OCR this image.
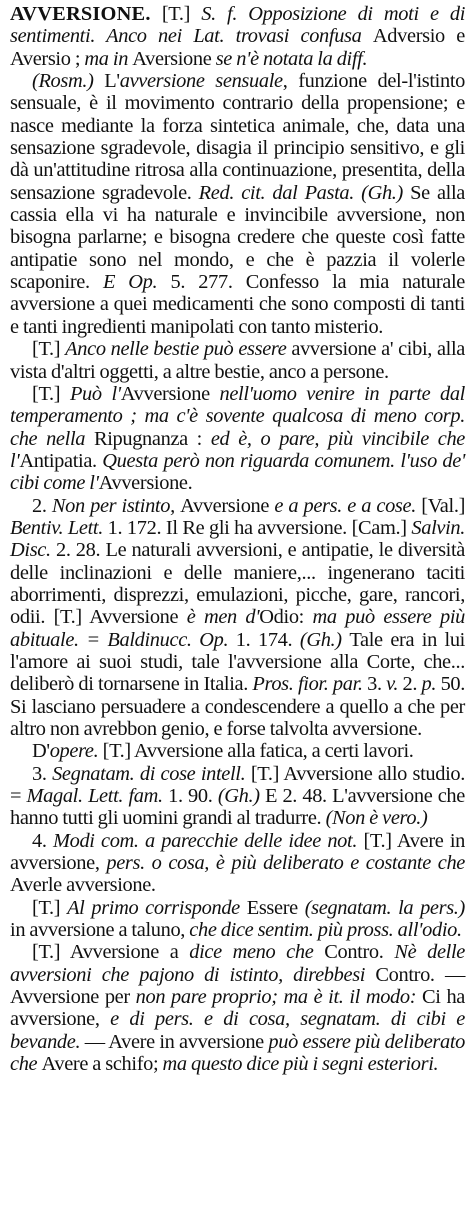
AVVERSIONE. [T.] S. f. Opposizione di moti e di sentimenti. Anco nei Lat. trovasi confusa Adversio e Aversio ; ma in Aversione se n'è notata la diff.

(Rosm.) L'avversione sensuale, funzione del-l'istinto sensuale, è il movimento contrario della propensione; e nasce mediante la forza sintetica animale, che, data una sensazione sgradevole, disagia il principio sensitivo, e gli dà un'attitudine ritrosa alla continuazione, presentita, della sensazione sgradevole. Red. cit. dal Pasta. (Gh.) Se alla cassia ella vi ha naturale e invincibile avversione, non bisogna parlarne; e bisogna credere che queste così fatte antipatie sono nel mondo, e che è pazzia il volerle scaponire. E Op. 5. 277. Confesso la mia naturale avversione a quei medicamenti che sono composti di tanti e tanti ingredienti manipolati con tanto misterio.

[T.] Anco nelle bestie può essere avversione a' cibi, alla vista d'altri oggetti, a altre bestie, anco a persone.

[T.] Può l'Avversione nell'uomo venire in parte dal temperamento ; ma c'è sovente qualcosa di meno corp. che nella Ripugnanza : ed è, o pare, più vincibile che l'Antipatia. Questa però non riguarda comunem. l'uso de' cibi come l'Avversione.

2. Non per istinto, Avversione e a pers. e a cose. [Val.] Bentiv. Lett. 1. 172. Il Re gli ha avversione. [Cam.] Salvin. Disc. 2. 28. Le naturali avversioni, e antipatie, le diversità delle inclinazioni e delle maniere,... ingenerano taciti aborrimenti, disprezzi, emulazioni, picche, gare, rancori, odii. [T.] Avversione è men d'Odio: ma può essere più abituale. = Baldinucc. Op. 1. 174. (Gh.) Tale era in lui l'amore ai suoi studi, tale l'avversione alla Corte, che... deliberò di tornarsene in Italia. Pros. fior. par. 3. v. 2. p. 50. Si lasciano persuadere a condescendere a quello a che per altro non avrebbon genio, e forse talvolta avversione.

D'opere. [T.] Avversione alla fatica, a certi lavori.

3. Segnatam. di cose intell. [T.] Avversione allo studio. = Magal. Lett. fam. 1. 90. (Gh.) E 2. 48. L'avversione che hanno tutti gli uomini grandi al tradurre. (Non è vero.)

4. Modi com. a parecchie delle idee not. [T.] Avere in avversione, pers. o cosa, è più deliberato e costante che Averle avversione.

[T.] Al primo corrisponde Essere (segnatam. la pers.) in avversione a taluno, che dice sentim. più pross. all'odio.

[T.] Avversione a dice meno che Contro. Nè delle avversioni che pajono di istinto, direbbesi Contro. — Avversione per non pare proprio; ma è it. il modo: Ci ha avversione, e di pers. e di cosa, segnatam. di cibi e bevande. — Avere in avversione può essere più deliberato che Avere a schifo; ma questo dice più i segni esteriori.
